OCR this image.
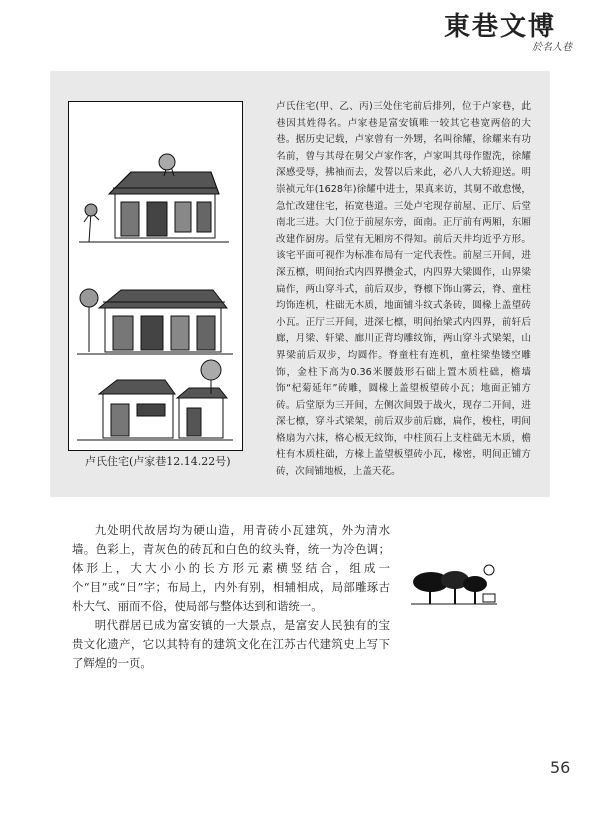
東巷文博
於名人巷
卢氏住宅(卢家巷12.14.22号)
卢氏住宅(甲、乙、丙)三处住宅前后排列，位于卢家巷，此巷因其姓得名。卢家巷是富安镇唯一较其它巷宽两倍的大巷。据历史记载，卢家曾有一外甥，名叫徐耀，徐耀来有功名前，曾与其母在舅父卢家作客，卢家叫其母作盥洗，徐耀深感受辱，拂袖而去，发誓以后来此，必八人大轿迎送。明崇祯元年(1628年)徐耀中进士，果真来访，其舅不敢怠慢，急忙改建住宅，拓宽巷道。三处卢宅现存前屋、正厅、后堂南北三进。大门位于前屋东旁，面南。正厅前有两厢，东厢改建作厨房。后堂有无厢房不得知。前后天井均近乎方形。该宅平面可视作为标准布局有一定代表性。前屋三开间，进深五檩，明间抬式内四界攒金式，内四界大梁圆作，山界梁扁作，两山穿斗式，前后双步，脊檩下饰山雾云，脊、童柱均饰连机，柱础无木质，地面铺斗纹式条砖，圆椽上盖望砖小瓦。正厅三开间，进深七檩，明间抬梁式内四界，前轩后廊，月梁、轩梁、廊川正背均雕纹饰，两山穿斗式梁架，山界梁前后双步，均圆作。脊童柱有连机，童柱梁垫镂空雕饰，金柱下高为0.36米腰鼓形石础上置木质柱础，檐墙饰“杞菊延年”砖雕，圆椽上盖望板望砖小瓦；地面正铺方砖。后堂原为三开间，左侧次间毁于战火，现存二开间，进深七檩，穿斗式梁架，前后双步前后廊，扁作，梭柱，明间格扇为六抹，格心板无纹饰，中柱顶石上支柱础无木质，檐柱有木质柱础，方椽上盖望板望砖小瓦，椽密，明间正铺方砖，次间铺地板，上盖天花。

九处明代故居均为硬山造，用青砖小瓦建筑，外为清水墙。色彩上，青灰色的砖瓦和白色的纹头脊，统一为冷色调；体形上，大大小小的长方形元素横竖结合，组成一个“目”或“日”字；布局上，内外有别，相辅相成，局部雕琢古朴大气、丽而不俗，使局部与整体达到和谐统一。

明代群居已成为富安镇的一大景点，是富安人民独有的宝贵文化遗产，它以其特有的建筑文化在江苏古代建筑史上写下了辉煌的一页。

56
